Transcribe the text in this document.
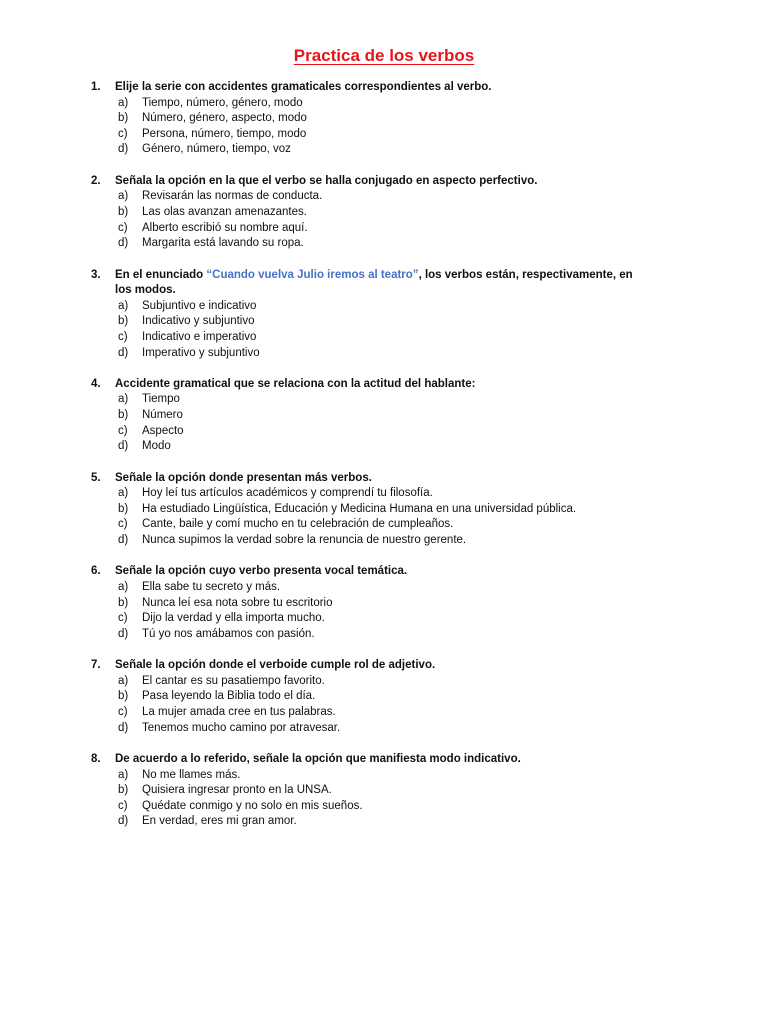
Practica de los verbos
1.	Elije la serie con accidentes gramaticales correspondientes al verbo.
a)	Tiempo, número, género, modo
b)	Número, género, aspecto, modo
c)	Persona, número, tiempo, modo
d)	Género, número, tiempo, voz
2.	Señala la opción en la que el verbo se halla conjugado en aspecto perfectivo.
a)	Revisarán las normas de conducta.
b)	Las olas avanzan amenazantes.
c)	Alberto escribió su nombre aquí.
d)	Margarita está lavando su ropa.
3.	En el enunciado “Cuando vuelva Julio iremos al teatro”, los verbos están, respectivamente, en los modos.
a)	Subjuntivo e indicativo
b)	Indicativo y subjuntivo
c)	Indicativo e imperativo
d)	Imperativo y subjuntivo
4.	Accidente gramatical que se relaciona con la actitud del hablante:
a)	Tiempo
b)	Número
c)	Aspecto
d)	Modo
5.	Señale la opción donde presentan más verbos.
a)	Hoy leí tus artículos académicos y comprendí tu filosofía.
b)	Ha estudiado Lingüística, Educación y Medicina Humana en una universidad pública.
c)	Cante, baile y comí mucho en tu celebración de cumpleaños.
d)	Nunca supimos la verdad sobre la renuncia de nuestro gerente.
6.	Señale la opción cuyo verbo presenta vocal temática.
a)	Ella sabe tu secreto y más.
b)	Nunca leí esa nota sobre tu escritorio
c)	Dijo la verdad y ella importa mucho.
d)	Tú yo nos amábamos con pasión.
7.	Señale la opción donde el verboide cumple rol de adjetivo.
a)	El cantar es su pasatiempo favorito.
b)	Pasa leyendo la Biblia todo el día.
c)	La mujer amada cree en tus palabras.
d)	Tenemos mucho camino por atravesar.
8.	De acuerdo a lo referido, señale la opción que manifiesta modo indicativo.
a)	No me llames más.
b)	Quisiera ingresar pronto en la UNSA.
c)	Quédate conmigo y no solo en mis sueños.
d)	En verdad, eres mi gran amor.
